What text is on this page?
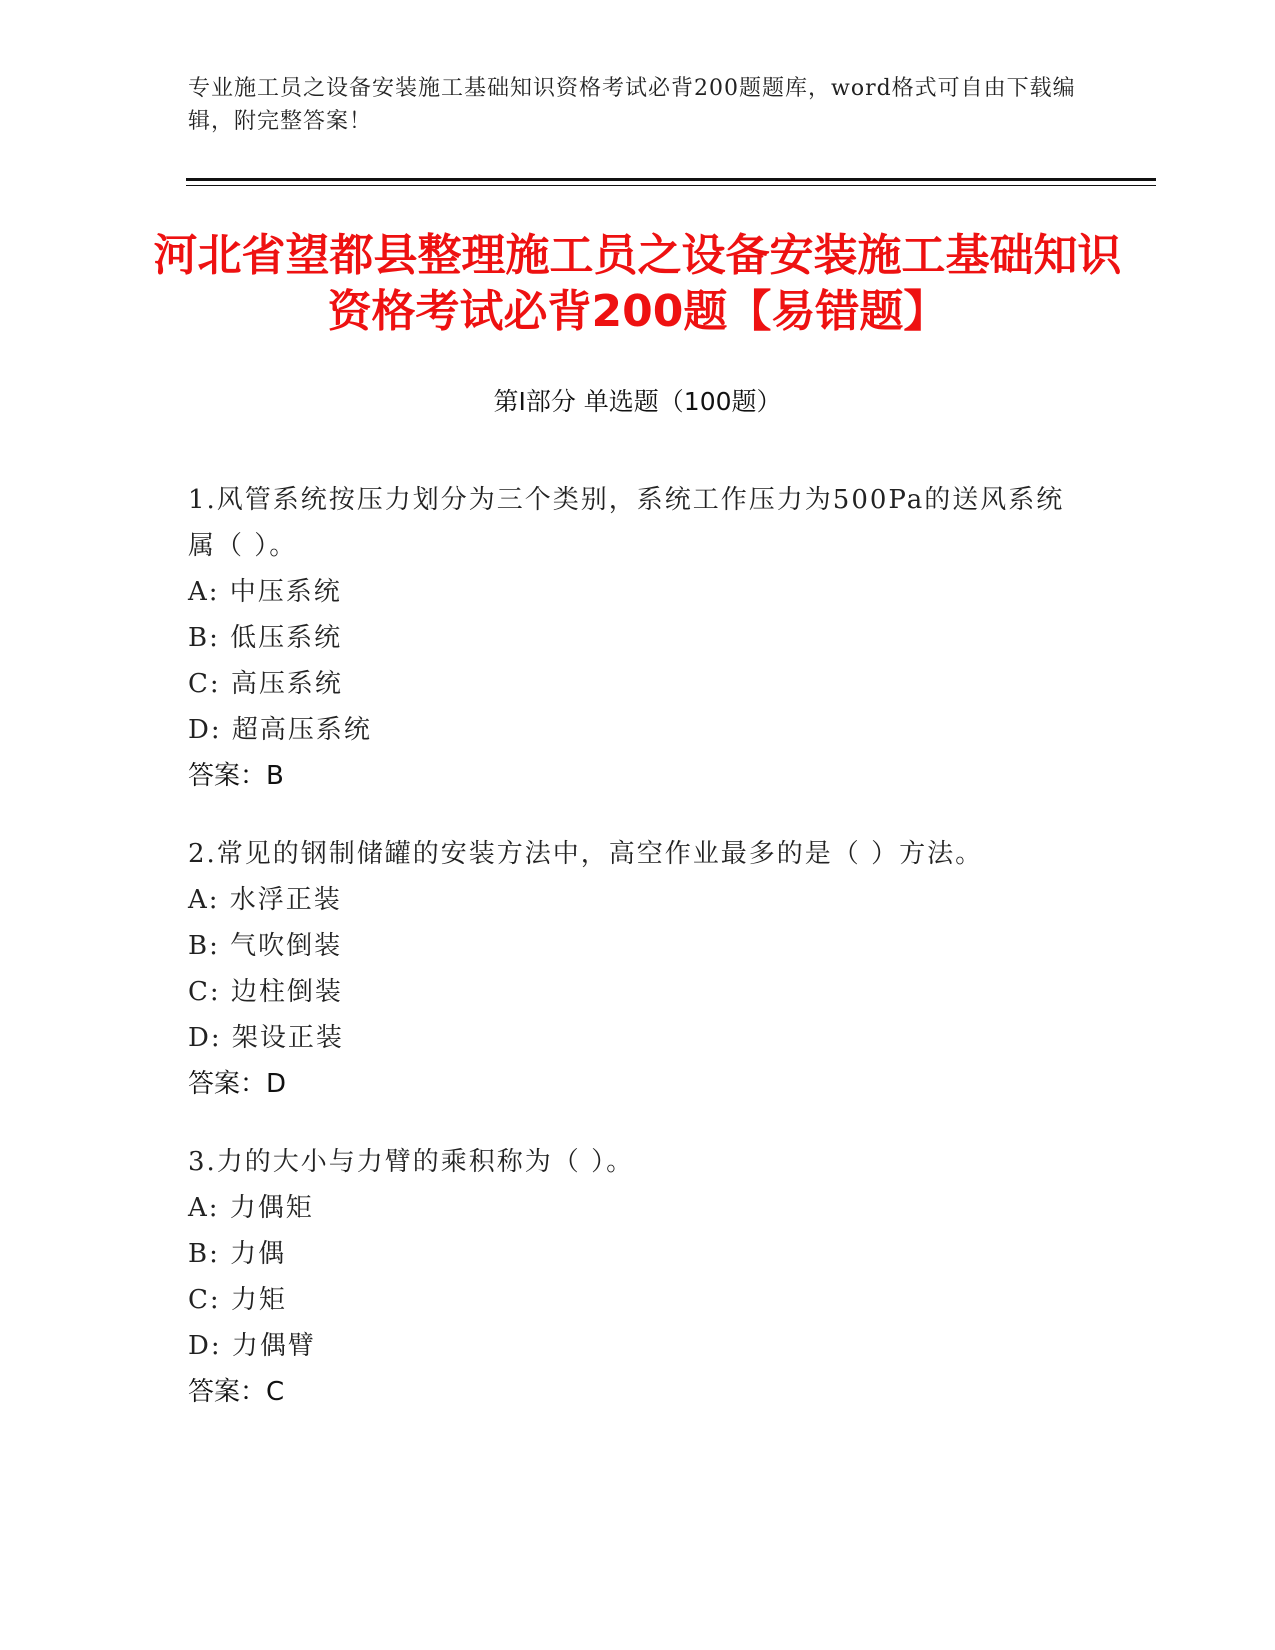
专业施工员之设备安装施工基础知识资格考试必背200题题库，word格式可自由下载编辑，附完整答案！
河北省望都县整理施工员之设备安装施工基础知识资格考试必背200题【易错题】
第I部分 单选题（100题）

1.风管系统按压力划分为三个类别，系统工作压力为500Pa的送风系统属（ ）。

A: 中压系统
B: 低压系统
C: 高压系统
D: 超高压系统
答案：B

2.常见的钢制储罐的安装方法中，高空作业最多的是（ ）方法。

A: 水浮正装
B: 气吹倒装
C: 边柱倒装
D: 架设正装
答案：D

3.力的大小与力臂的乘积称为（ ）。

A: 力偶矩
B: 力偶
C: 力矩
D: 力偶臂
答案：C
